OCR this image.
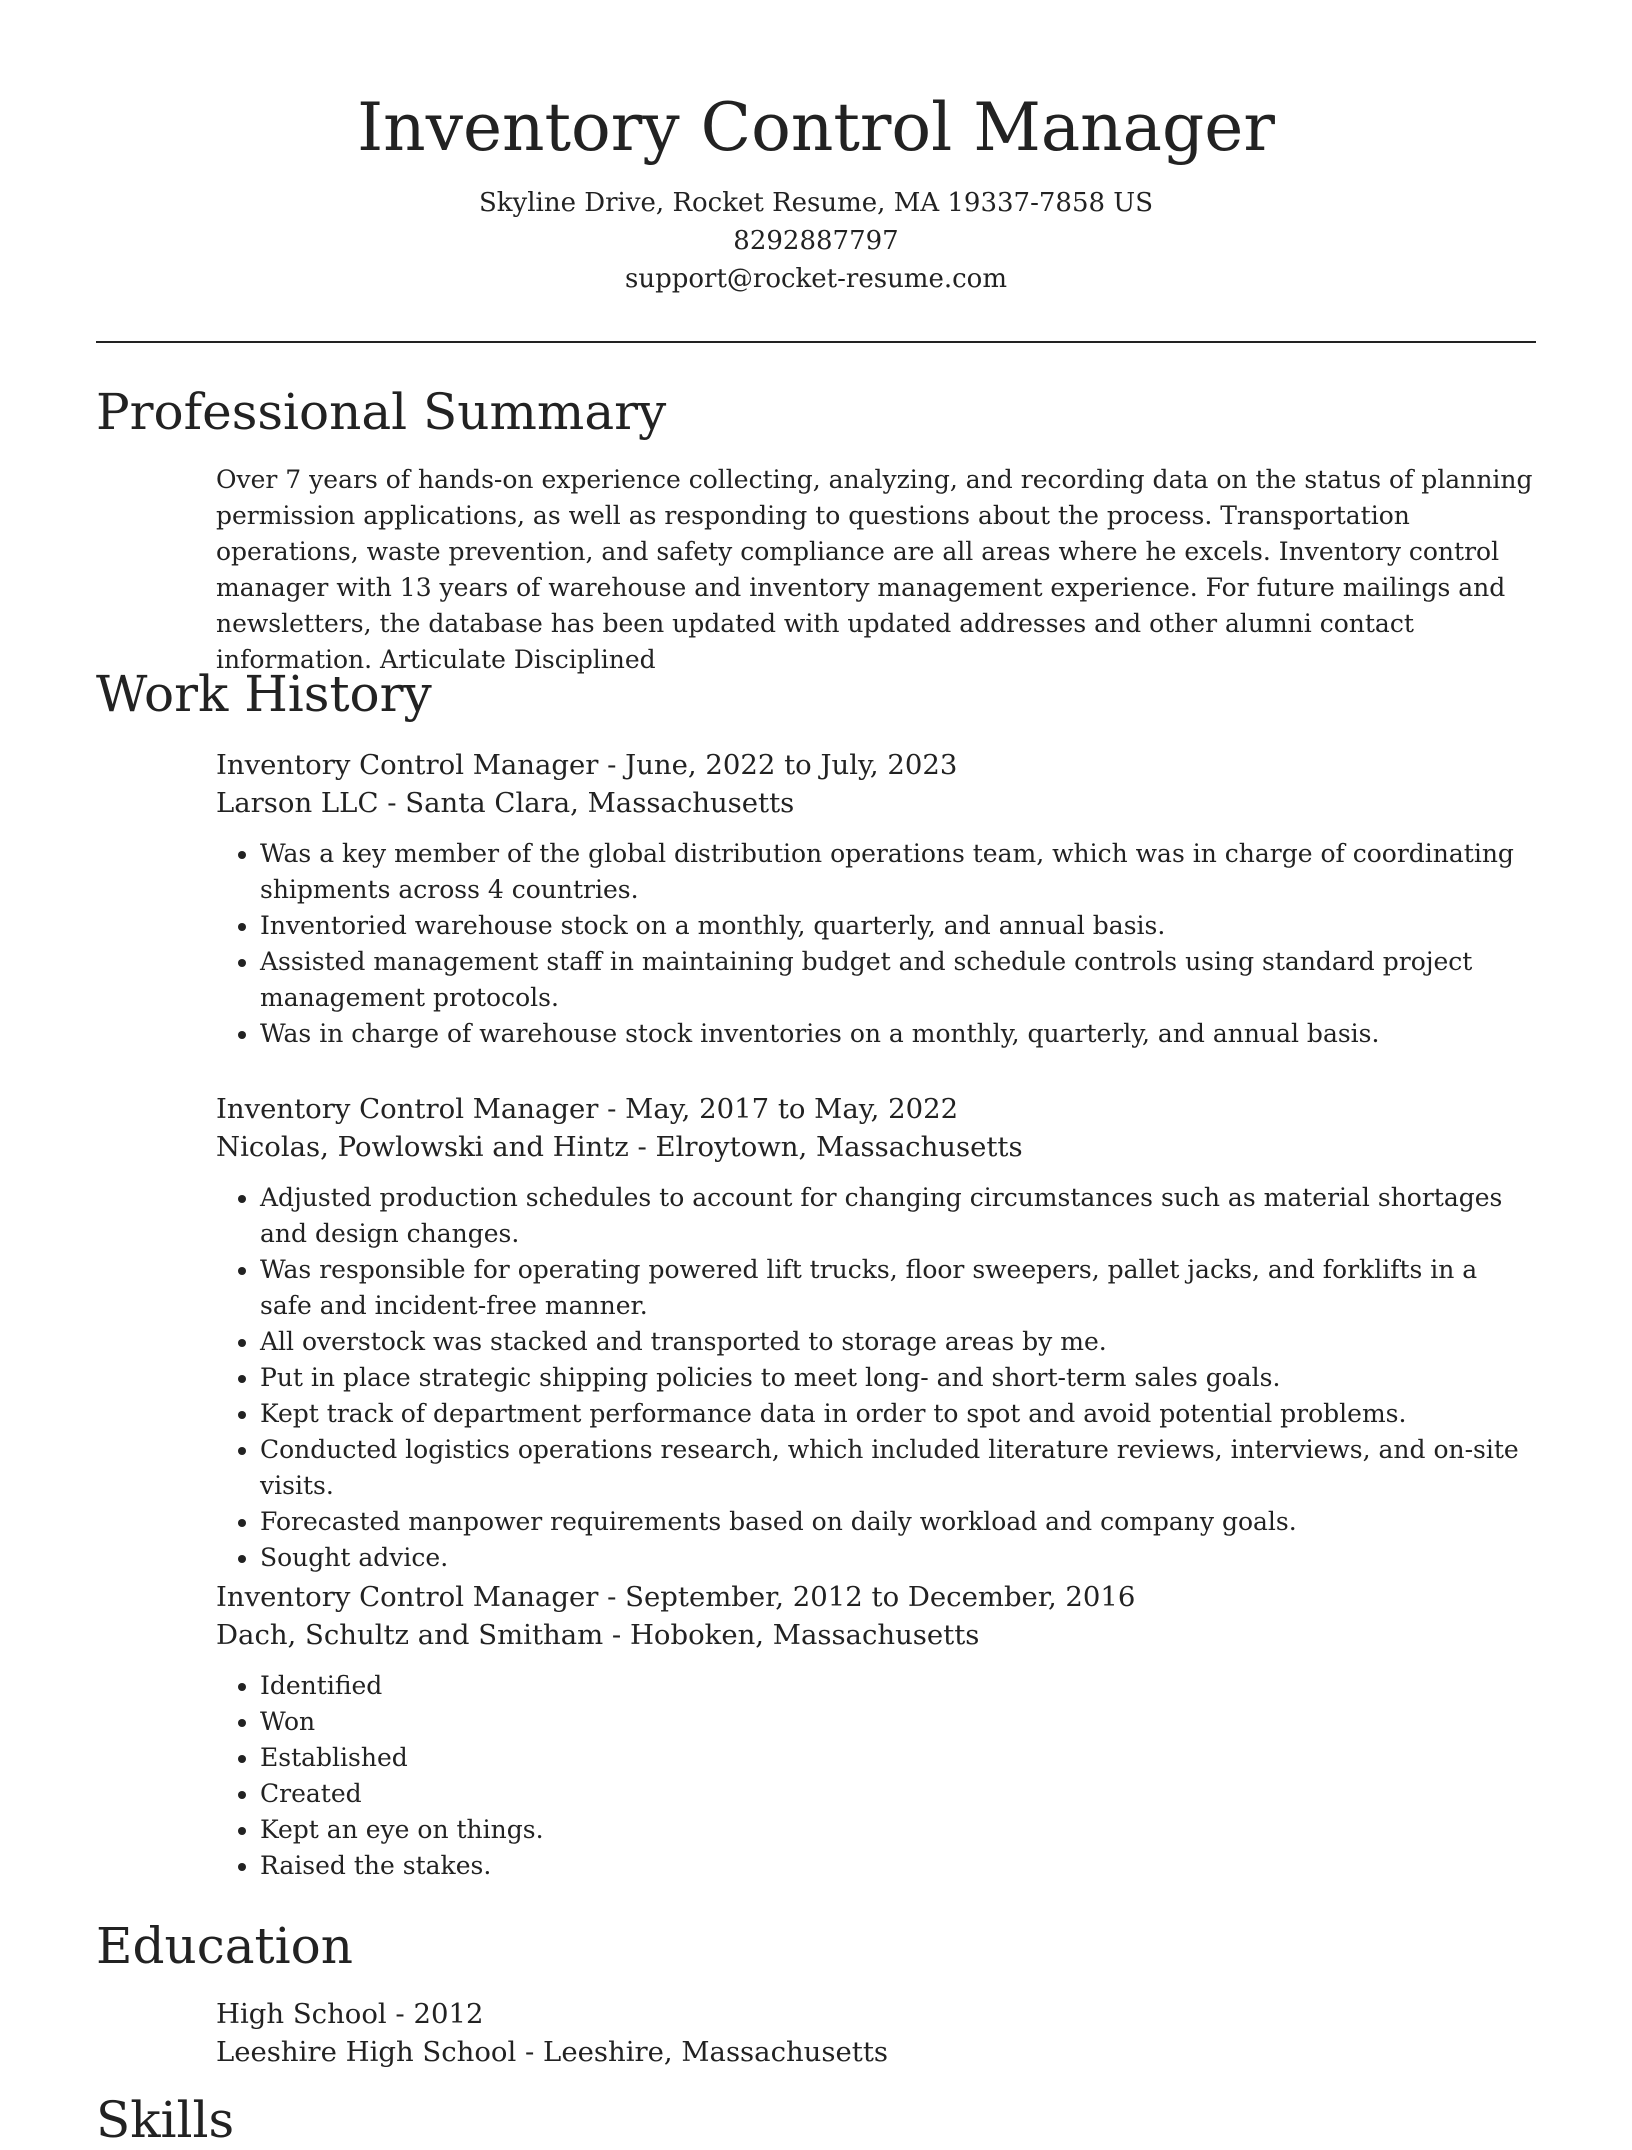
Inventory Control Manager

Skyline Drive, Rocket Resume, MA 19337-7858 US

8292887797

support@rocket-resume.com

Professional Summary

Over 7 years of hands-on experience collecting, analyzing, and recording data on the status of planning permission applications, as well as responding to questions about the process. Transportation operations, waste prevention, and safety compliance are all areas where he excels. Inventory control manager with 13 years of warehouse and inventory management experience. For future mailings and newsletters, the database has been updated with updated addresses and other alumni contact information. Articulate Disciplined

Work History

Inventory Control Manager - June, 2022 to July, 2023

Larson LLC - Santa Clara, Massachusetts

• Was a key member of the global distribution operations team, which was in charge of coordinating shipments across 4 countries.
• Inventoried warehouse stock on a monthly, quarterly, and annual basis.
• Assisted management staff in maintaining budget and schedule controls using standard project management protocols.
• Was in charge of warehouse stock inventories on a monthly, quarterly, and annual basis.

Inventory Control Manager - May, 2017 to May, 2022

Nicolas, Powlowski and Hintz - Elroytown, Massachusetts

• Adjusted production schedules to account for changing circumstances such as material shortages and design changes.
• Was responsible for operating powered lift trucks, floor sweepers, pallet jacks, and forklifts in a safe and incident-free manner.
• All overstock was stacked and transported to storage areas by me.
• Put in place strategic shipping policies to meet long- and short-term sales goals.
• Kept track of department performance data in order to spot and avoid potential problems.
• Conducted logistics operations research, which included literature reviews, interviews, and on-site visits.
• Forecasted manpower requirements based on daily workload and company goals.
• Sought advice.

Inventory Control Manager - September, 2012 to December, 2016

Dach, Schultz and Smitham - Hoboken, Massachusetts

• Identified
• Won
• Established
• Created
• Kept an eye on things.
• Raised the stakes.
Education

High School - 2012

Leeshire High School - Leeshire, Massachusetts

Skills
